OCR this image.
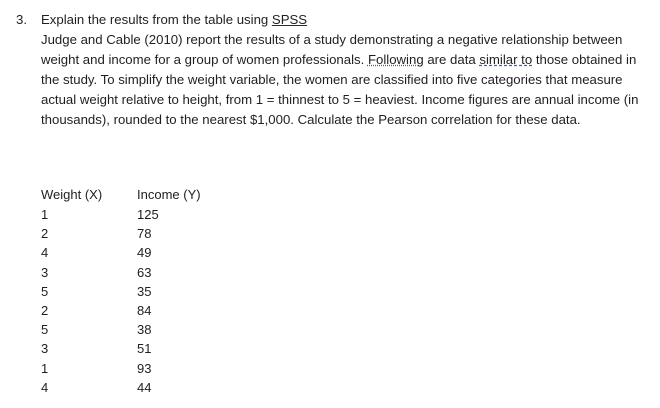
3. Explain the results from the table using SPSS

Judge and Cable (2010) report the results of a study demonstrating a negative relationship between weight and income for a group of women professionals. Following are data similar to those obtained in the study. To simplify the weight variable, the women are classified into five categories that measure actual weight relative to height, from 1 = thinnest to 5 = heaviest. Income figures are annual income (in thousands), rounded to the nearest $1,000. Calculate the Pearson correlation for these data.

Weight (X)	Income (Y)
1	125
2	78
4	49
3	63
5	35
2	84
5	38
3	51
1	93
4	44
